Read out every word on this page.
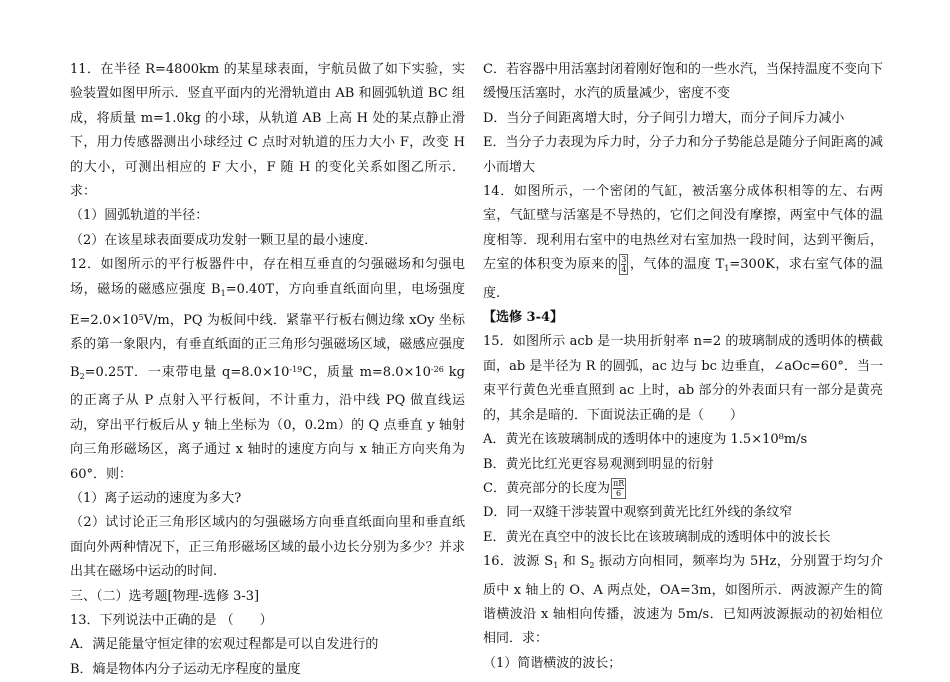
11．在半径 R=4800km 的某星球表面，宇航员做了如下实验，实验装置如图甲所示．竖直平面内的光滑轨道由 AB 和圆弧轨道 BC 组成，将质量 m=1.0kg 的小球，从轨道 AB 上高 H 处的某点静止滑下，用力传感器测出小球经过 C 点时对轨道的压力大小 F，改变 H 的大小，可测出相应的 F 大小，F 随 H 的变化关系如图乙所示．求：

（1）圆弧轨道的半径：

（2）在该星球表面要成功发射一颗卫星的最小速度．

12．如图所示的平行板器件中，存在相互垂直的匀强磁场和匀强电场，磁场的磁感应强度 $B_1=0.40T$，方向垂直纸面向里，电场强度 $E=2.0\times 10^5V/m$，PQ 为板间中线．紧靠平行板右侧边缘 xOy 坐标系的第一象限内，有垂直纸面的正三角形匀强磁场区域，磁感应强度 $B_2=0.25T$．一束带电量 $q=8.0\times 10^{-19}C$，质量 $m=8.0\times 10^{-26}$ kg 的正离子从 P 点射入平行板间，不计重力，沿中线 PQ 做直线运动，穿出平行板后从 y 轴上坐标为（0，0.2m）的 Q 点垂直 y 轴射向三角形磁场区，离子通过 x 轴时的速度方向与 x 轴正方向夹角为 60°．则：

（1）离子运动的速度为多大?

（2）试讨论正三角形区域内的匀强磁场方向垂直纸面向里和垂直纸面向外两种情况下，正三角形磁场区域的最小边长分别为多少？并求出其在磁场中运动的时间.

三、（二）选考题[物理-选修 3-3]

13．下列说法中正确的是 （　　）

A．满足能量守恒定律的宏观过程都是可以自发进行的

B．熵是物体内分子运动无序程度的量度

C．若容器中用活塞封闭着刚好饱和的一些水汽，当保持温度不变向下缓慢压活塞时，水汽的质量减少，密度不变

D．当分子间距离增大时，分子间引力增大，而分子间斥力减小

E．当分子力表现为斥力时，分子力和分子势能总是随分子间距离的减小而增大

14．如图所示，一个密闭的气缸，被活塞分成体积相等的左、右两室，气缸壁与活塞是不导热的，它们之间没有摩擦，两室中气体的温度相等．现利用右室中的电热丝对右室加热一段时间，达到平衡后，左室的体积变为原来的 $\frac{3}{4}$ ，气体的温度 $T_1=300K$，求右室气体的温度.

【选修 3-4】

15．如图所示 acb 是一块用折射率 n=2 的玻璃制成的透明体的横截面，ab 是半径为 R 的圆弧，ac 边与 bc 边垂直，∠aOc=60°．当一束平行黄色光垂直照到 ac 上时，ab 部分的外表面只有一部分是黄亮的，其余是暗的．下面说法正确的是（　　）

A．黄光在该玻璃制成的透明体中的速度为 1.5×10⁸m/s

B．黄光比红光更容易观测到明显的衍射

C．黄亮部分的长度为 $\frac{\pi R}{6}$

D．同一双缝干涉装置中观察到黄光比红外线的条纹窄

E．黄光在真空中的波长比在该玻璃制成的透明体中的波长长

16．波源 $S_1$ 和 $S_2$ 振动方向相同，频率均为 5Hz，分别置于均匀介质中 x 轴上的 O、A 两点处，OA=3m，如图所示．两波源产生的简谐横波沿 x 轴相向传播，波速为 5m/s．已知两波源振动的初始相位相同．求：

（1）简谐横波的波长；
